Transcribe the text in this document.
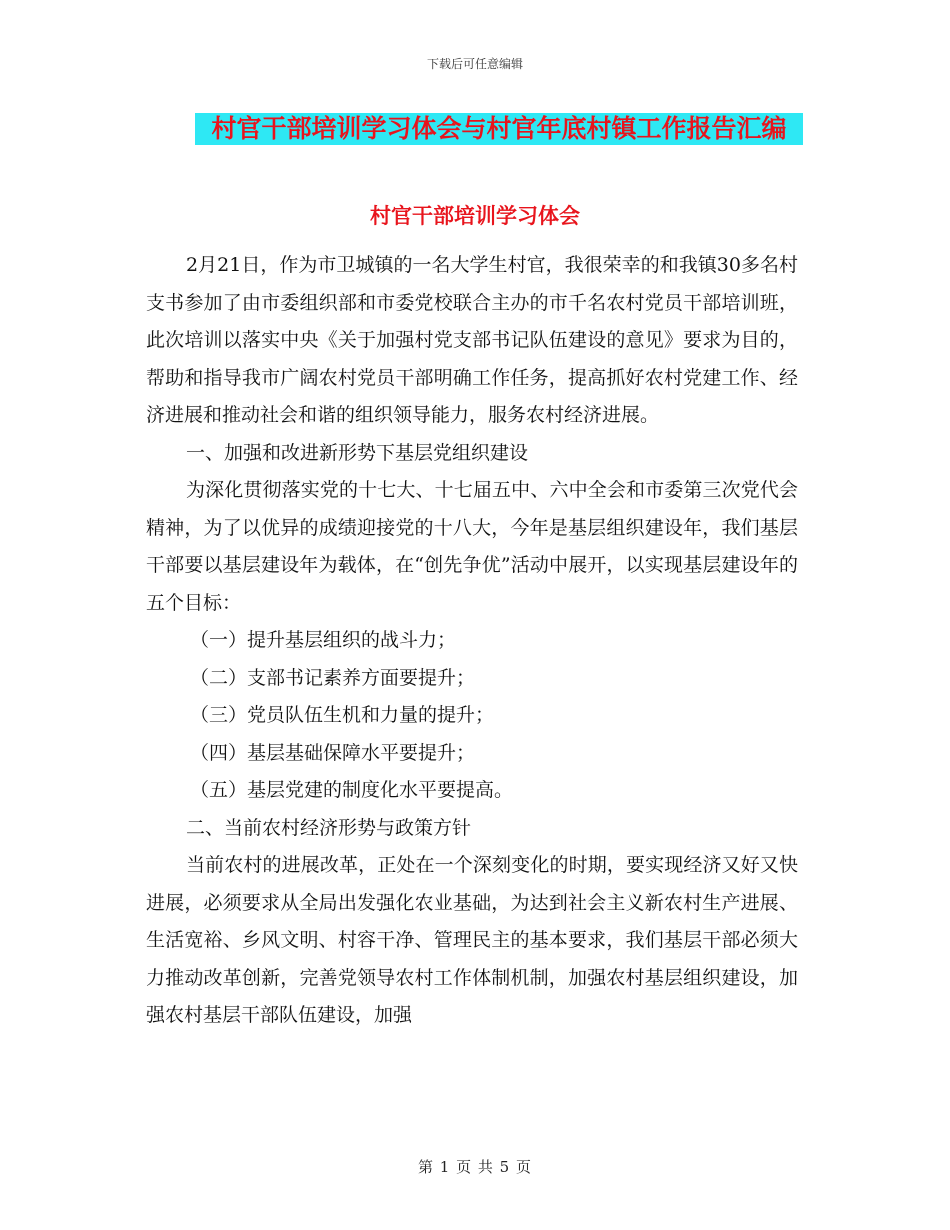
下载后可任意编辑
村官干部培训学习体会与村官年底村镇工作报告汇编
村官干部培训学习体会

2月21日，作为市卫城镇的一名大学生村官，我很荣幸的和我镇30多名村支书参加了由市委组织部和市委党校联合主办的市千名农村党员干部培训班，此次培训以落实中央《关于加强村党支部书记队伍建设的意见》要求为目的，帮助和指导我市广阔农村党员干部明确工作任务，提高抓好农村党建工作、经济进展和推动社会和谐的组织领导能力，服务农村经济进展。

一、加强和改进新形势下基层党组织建设

为深化贯彻落实党的十七大、十七届五中、六中全会和市委第三次党代会精神，为了以优异的成绩迎接党的十八大，今年是基层组织建设年，我们基层干部要以基层建设年为载体，在“创先争优”活动中展开，以实现基层建设年的五个目标：

（一）提升基层组织的战斗力；

（二）支部书记素养方面要提升；

（三）党员队伍生机和力量的提升；

（四）基层基础保障水平要提升；

（五）基层党建的制度化水平要提高。

二、当前农村经济形势与政策方针

当前农村的进展改革，正处在一个深刻变化的时期，要实现经济又好又快进展，必须要求从全局出发强化农业基础，为达到社会主义新农村生产进展、生活宽裕、乡风文明、村容干净、管理民主的基本要求，我们基层干部必须大力推动改革创新，完善党领导农村工作体制机制，加强农村基层组织建设，加强农村基层干部队伍建设，加强

第 1 页 共 5 页
